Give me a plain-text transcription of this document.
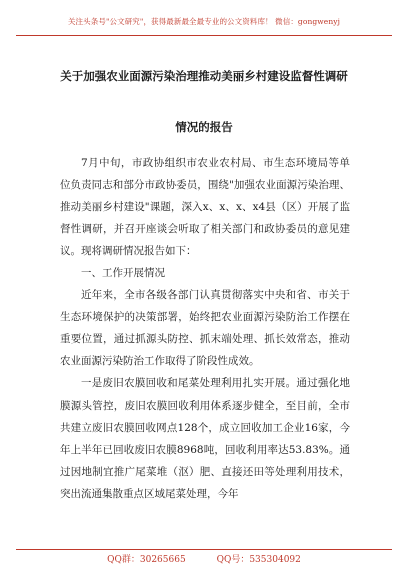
关注头条号"公文研究"，获得最新最全最专业的公文资料库！ 微信：gongwenyj
关于加强农业面源污染治理推动美丽乡村建设监督性调研
情况的报告

7月中旬，市政协组织市农业农村局、市生态环境局等单位负责同志和部分市政协委员，围绕"加强农业面源污染治理、推动美丽乡村建设"课题，深入x、x、x、x4县（区）开展了监督性调研，并召开座谈会听取了相关部门和政协委员的意见建议。现将调研情况报告如下：

一、工作开展情况

近年来，全市各级各部门认真贯彻落实中央和省、市关于生态环境保护的决策部署，始终把农业面源污染防治工作摆在重要位置，通过抓源头防控、抓末端处理、抓长效常态，推动农业面源污染防治工作取得了阶段性成效。

一是废旧农膜回收和尾菜处理利用扎实开展。通过强化地膜源头管控，废旧农膜回收利用体系逐步健全，至目前，全市共建立废旧农膜回收网点128个，成立回收加工企业16家，今年上半年已回收废旧农膜8968吨，回收利用率达53.83%。通过因地制宜推广尾菜堆（沤）肥、直接还田等处理利用技术，突出流通集散重点区域尾菜处理，今年

QQ群：30265665	QQ号：535304092
